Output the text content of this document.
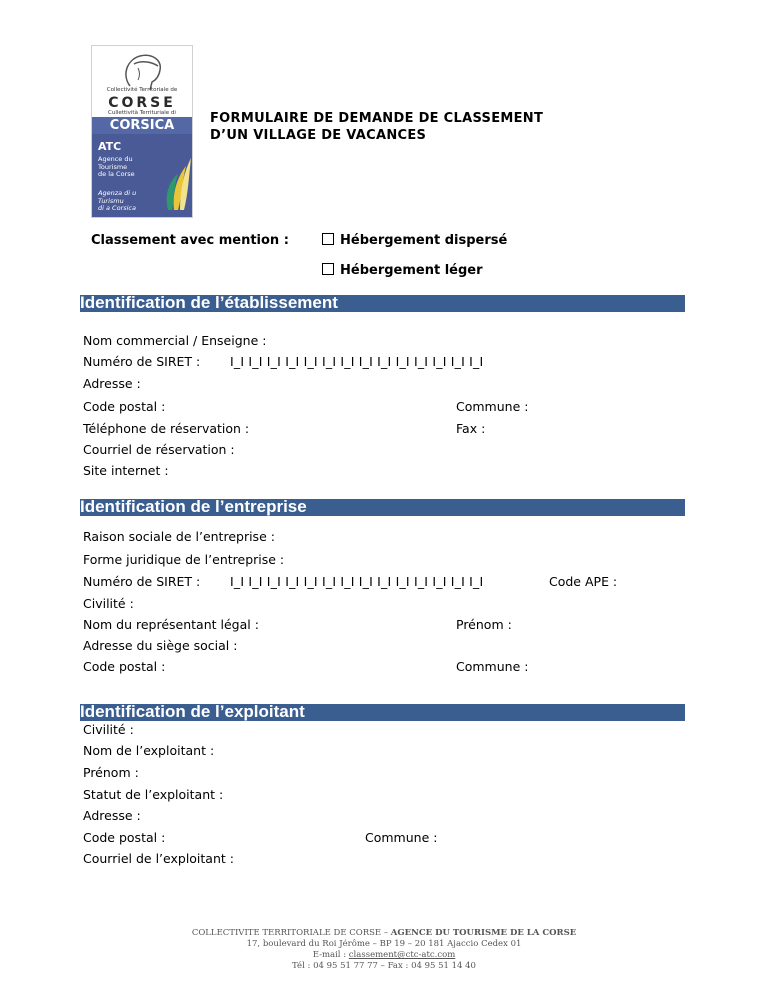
Collectivité Territoriale de
CORSE
Cullettività Territuriale di
CORSICA
ATC
Agence du
Tourisme
de la Corse
Agenza di u
Turismu
di a Corsica
FORMULAIRE DE DEMANDE DE CLASSEMENT
D’UN VILLAGE DE VACANCES
Classement avec mention :	Hébergement dispersé
Hébergement léger
Identification de l’établissement
Nom commercial / Enseigne :
Numéro de SIRET : I_I I_I I_I I_I I_I I_I I_I I_I I_I I_I I_I I_I I_I I_I
Adresse :
Code postal :	Commune :
Téléphone de réservation :	Fax :
Courriel de réservation :
Site internet :
Identification de l’entreprise
Raison sociale de l’entreprise :
Forme juridique de l’entreprise :
Numéro de SIRET : I_I I_I I_I I_I I_I I_I I_I I_I I_I I_I I_I I_I I_I I_I	Code APE :
Civilité :
Nom du représentant légal :	Prénom :
Adresse du siège social :
Code postal :	Commune :
Identification de l’exploitant
Civilité :
Nom de l’exploitant :
Prénom :
Statut de l’exploitant :
Adresse :
Code postal :	Commune :
Courriel de l’exploitant :
COLLECTIVITE TERRITORIALE DE CORSE – AGENCE DU TOURISME DE LA CORSE
17, boulevard du Roi Jérôme – BP 19 – 20 181 Ajaccio Cedex 01
E-mail : classement@ctc-atc.com
Tél : 04 95 51 77 77 – Fax : 04 95 51 14 40
